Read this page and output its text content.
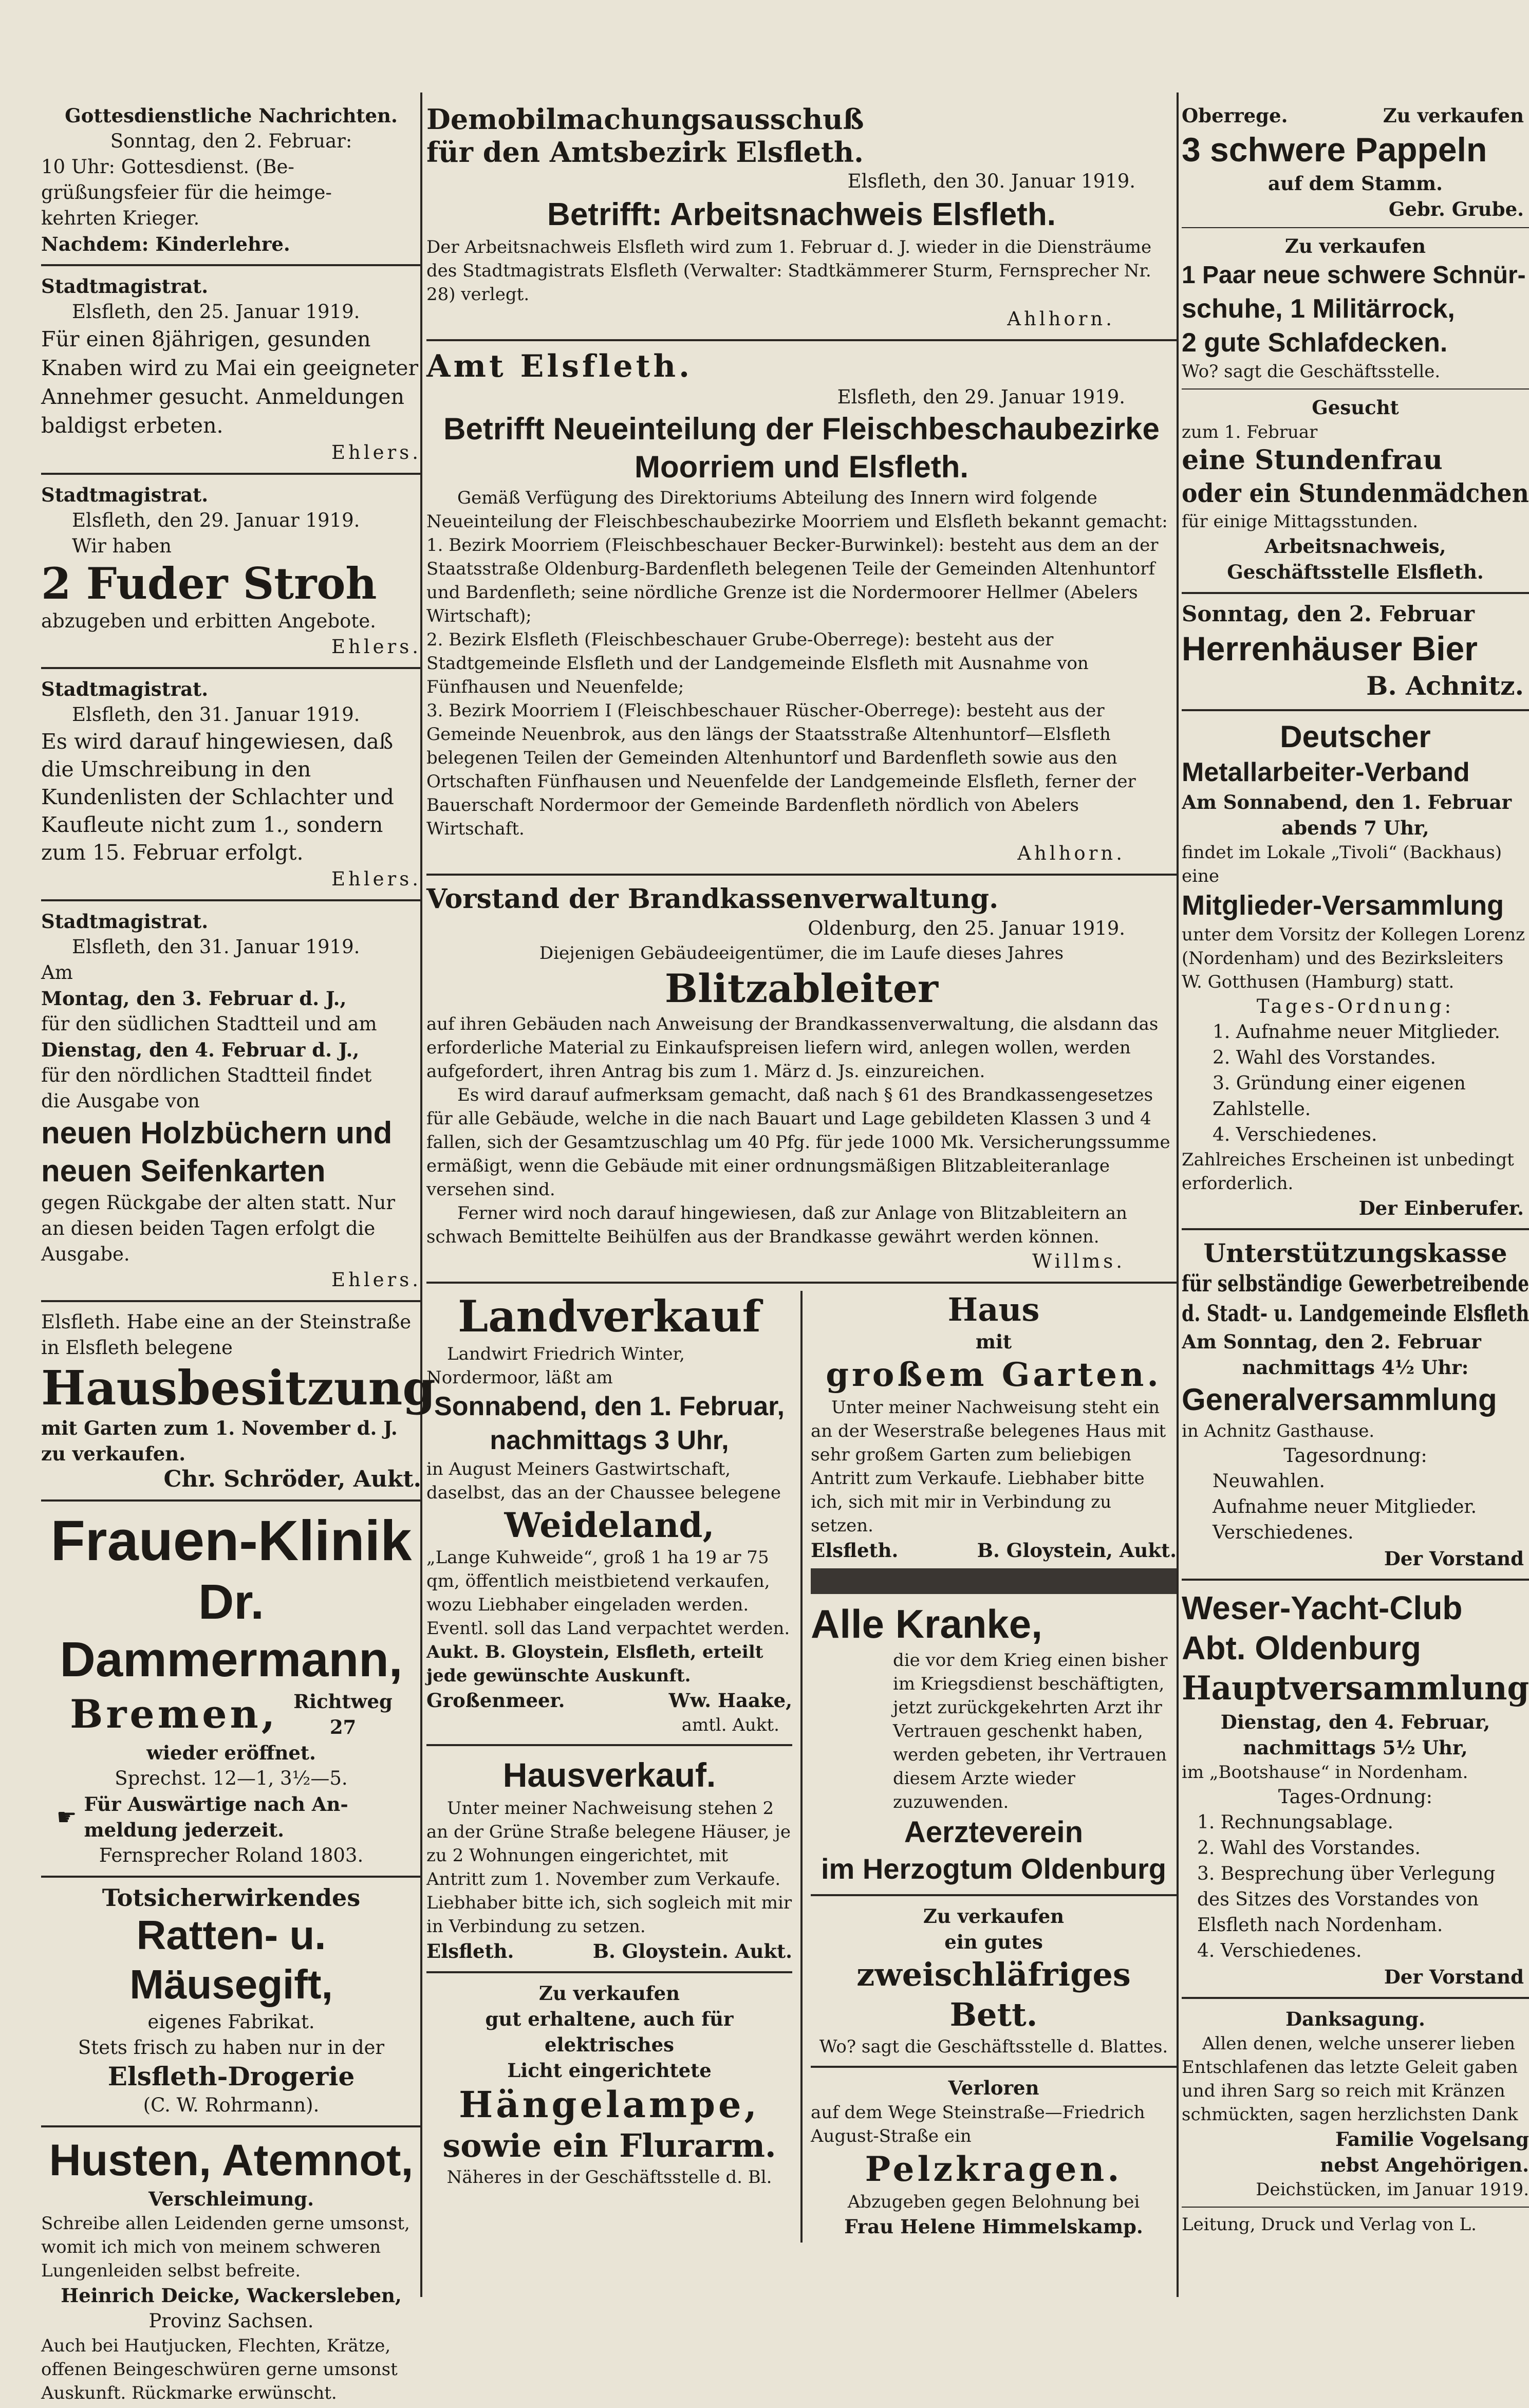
Gottesdienstliche Nachrichten.
Sonntag, den 2. Februar:
10 Uhr: Gottesdienst. (Be-
grüßungsfeier für die heimge-
kehrten Krieger.
Nachdem: Kinderlehre.
Stadtmagistrat.
Elsfleth, den 25. Januar 1919.
Für einen 8jährigen, gesunden Knaben wird zu Mai ein geeigneter Annehmer gesucht. Anmeldungen baldigst erbeten.
Ehlers.
Stadtmagistrat.
Elsfleth, den 29. Januar 1919.
Wir haben
2 Fuder Stroh
abzugeben und erbitten Angebote.
Ehlers.
Stadtmagistrat.
Elsfleth, den 31. Januar 1919.
Es wird darauf hingewiesen, daß die Umschreibung in den Kundenlisten der Schlachter und Kaufleute nicht zum 1., sondern zum 15. Februar erfolgt.
Ehlers.
Stadtmagistrat.
Elsfleth, den 31. Januar 1919.
Am
Montag, den 3. Februar d. J.,
für den südlichen Stadtteil und am
Dienstag, den 4. Februar d. J.,
für den nördlichen Stadtteil findet
die Ausgabe von
neuen Holzbüchern und
neuen Seifenkarten
gegen Rückgabe der alten statt. Nur an diesen beiden Tagen erfolgt die Ausgabe.
Ehlers.
Elsfleth. Habe eine an der Steinstraße in Elsfleth belegene
Hausbesitzung
mit Garten zum 1. November d. J. zu verkaufen.
Chr. Schröder, Aukt.
Frauen-Klinik
Dr. Dammermann,
Bremen, Richtweg
27
wieder eröffnet.
Sprechst. 12—1, 3½—5.
☛ Für Auswärtige nach An-
meldung jederzeit.
Fernsprecher Roland 1803.
Totsicherwirkendes
Ratten- u. Mäusegift,
eigenes Fabrikat.
Stets frisch zu haben nur in der
Elsfleth-Drogerie
(C. W. Rohrmann).
Husten, Atemnot,
Verschleimung.
Schreibe allen Leidenden gerne umsonst, womit ich mich von meinem schweren Lungenleiden selbst befreite.
Heinrich Deicke, Wackersleben,
Provinz Sachsen.
Auch bei Hautjucken, Flechten, Krätze, offenen Beingeschwüren gerne umsonst Auskunft. Rückmarke erwünscht.
Demobilmachungsausschuß
für den Amtsbezirk Elsfleth.
Elsfleth, den 30. Januar 1919.
Betrifft: Arbeitsnachweis Elsfleth.
Der Arbeitsnachweis Elsfleth wird zum 1. Februar d. J. wieder in die Diensträume des Stadtmagistrats Elsfleth (Verwalter: Stadtkämmerer Sturm, Fernsprecher Nr. 28) verlegt.
Ahlhorn.
Amt Elsfleth.
Elsfleth, den 29. Januar 1919.
Betrifft Neueinteilung der Fleischbeschaubezirke
Moorriem und Elsfleth.
Gemäß Verfügung des Direktoriums Abteilung des Innern wird folgende Neueinteilung der Fleischbeschaubezirke Moorriem und Elsfleth bekannt gemacht:
1. Bezirk Moorriem (Fleischbeschauer Becker-Burwinkel): besteht aus dem an der Staatsstraße Oldenburg-Bardenfleth belegenen Teile der Gemeinden Altenhuntorf und Bardenfleth; seine nördliche Grenze ist die Nordermoorer Hellmer (Abelers Wirtschaft);
2. Bezirk Elsfleth (Fleischbeschauer Grube-Oberrege): besteht aus der Stadtgemeinde Elsfleth und der Landgemeinde Elsfleth mit Ausnahme von Fünfhausen und Neuenfelde;
3. Bezirk Moorriem I (Fleischbeschauer Rüscher-Oberrege): besteht aus der Gemeinde Neuenbrok, aus den längs der Staatsstraße Altenhuntorf—Elsfleth belegenen Teilen der Gemeinden Altenhuntorf und Bardenfleth sowie aus den Ortschaften Fünfhausen und Neuenfelde der Landgemeinde Elsfleth, ferner der Bauerschaft Nordermoor der Gemeinde Bardenfleth nördlich von Abelers Wirtschaft.
Ahlhorn.
Vorstand der Brandkassenverwaltung.
Oldenburg, den 25. Januar 1919.
Diejenigen Gebäudeeigentümer, die im Laufe dieses Jahres
Blitzableiter
auf ihren Gebäuden nach Anweisung der Brandkassenverwaltung, die alsdann das erforderliche Material zu Einkaufspreisen liefern wird, anlegen wollen, werden aufgefordert, ihren Antrag bis zum 1. März d. Js. einzureichen.
Es wird darauf aufmerksam gemacht, daß nach § 61 des Brandkassengesetzes für alle Gebäude, welche in die nach Bauart und Lage gebildeten Klassen 3 und 4 fallen, sich der Gesamtzuschlag um 40 Pfg. für jede 1000 Mk. Versicherungssumme ermäßigt, wenn die Gebäude mit einer ordnungsmäßigen Blitzableiteranlage versehen sind.
Ferner wird noch darauf hingewiesen, daß zur Anlage von Blitzableitern an schwach Bemittelte Beihülfen aus der Brandkasse gewährt werden können.
Willms.
Landverkauf
Landwirt Friedrich Winter, Nordermoor, läßt am
Sonnabend, den 1. Februar,
nachmittags 3 Uhr,
in August Meiners Gastwirtschaft, daselbst, das an der Chaussee belegene
Weideland,
„Lange Kuhweide“, groß 1 ha 19 ar 75 qm, öffentlich meistbietend verkaufen, wozu Liebhaber eingeladen werden. Eventl. soll das Land verpachtet werden.
Aukt. B. Gloystein, Elsfleth, erteilt jede gewünschte Auskunft.
Großenmeer.	Ww. Haake,
amtl. Aukt.
Hausverkauf.
Unter meiner Nachweisung stehen 2 an der Grüne Straße belegene Häuser, je zu 2 Wohnungen eingerichtet, mit Antritt zum 1. November zum Verkaufe. Liebhaber bitte ich, sich sogleich mit mir in Verbindung zu setzen.
Elsfleth.	B. Gloystein. Aukt.
Zu verkaufen
gut erhaltene, auch für elektrisches
Licht eingerichtete
Hängelampe,
sowie ein Flurarm.
Näheres in der Geschäftsstelle d. Bl.
Haus
mit
großem Garten.
Unter meiner Nachweisung steht ein an der Weserstraße belegenes Haus mit sehr großem Garten zum beliebigen Antritt zum Verkaufe. Liebhaber bitte ich, sich mit mir in Verbindung zu setzen.
Elsfleth.	B. Gloystein, Aukt.
Alle Kranke,
die vor dem Krieg einen bisher im Kriegsdienst beschäftigten, jetzt zurückgekehrten Arzt ihr Vertrauen geschenkt haben, werden gebeten, ihr Vertrauen diesem Arzte wieder zuzuwenden.
Aerzteverein
im Herzogtum Oldenburg
Zu verkaufen
ein gutes
zweischläfriges Bett.
Wo? sagt die Geschäftsstelle d. Blattes.
Verloren
auf dem Wege Steinstraße—Friedrich August-Straße ein
Pelzkragen.
Abzugeben gegen Belohnung bei
Frau Helene Himmelskamp.
Oberrege.	Zu verkaufen
3 schwere Pappeln
auf dem Stamm.
Gebr. Grube.
Zu verkaufen
1 Paar neue schwere Schnür-
schuhe, 1 Militärrock,
2 gute Schlafdecken.
Wo? sagt die Geschäftsstelle.
Gesucht
zum 1. Februar
eine Stundenfrau
oder ein Stundenmädchen
für einige Mittagsstunden.
Arbeitsnachweis,
Geschäftsstelle Elsfleth.
Sonntag, den 2. Februar
Herrenhäuser Bier
B. Achnitz.
Deutscher
Metallarbeiter-Verband
Am Sonnabend, den 1. Februar
abends 7 Uhr,
findet im Lokale „Tivoli“ (Backhaus) eine
Mitglieder-Versammlung
unter dem Vorsitz der Kollegen Lorenz (Nordenham) und des Bezirksleiters W. Gotthusen (Hamburg) statt.
Tages-Ordnung:
1. Aufnahme neuer Mitglieder.
2. Wahl des Vorstandes.
3. Gründung einer eigenen Zahlstelle.
4. Verschiedenes.
Zahlreiches Erscheinen ist unbedingt erforderlich.
Der Einberufer.
Unterstützungskasse
für selbständige Gewerbetreibende
d. Stadt- u. Landgemeinde Elsfleth
Am Sonntag, den 2. Februar
nachmittags 4½ Uhr:
Generalversammlung
in Achnitz Gasthause.
Tagesordnung:
Neuwahlen.
Aufnahme neuer Mitglieder.
Verschiedenes.
Der Vorstand
Weser-Yacht-Club
Abt. Oldenburg
Hauptversammlung
Dienstag, den 4. Februar,
nachmittags 5½ Uhr,
im „Bootshause“ in Nordenham.
Tages-Ordnung:
1. Rechnungsablage.
2. Wahl des Vorstandes.
3. Besprechung über Verlegung des Sitzes des Vorstandes von Elsfleth nach Nordenham.
4. Verschiedenes.
Der Vorstand
Danksagung.
Allen denen, welche unserer lieben Entschlafenen das letzte Geleit gaben und ihren Sarg so reich mit Kränzen schmückten, sagen herzlichsten Dank
Familie Vogelsang
nebst Angehörigen.
Deichstücken, im Januar 1919.
Leitung, Druck und Verlag von L.
